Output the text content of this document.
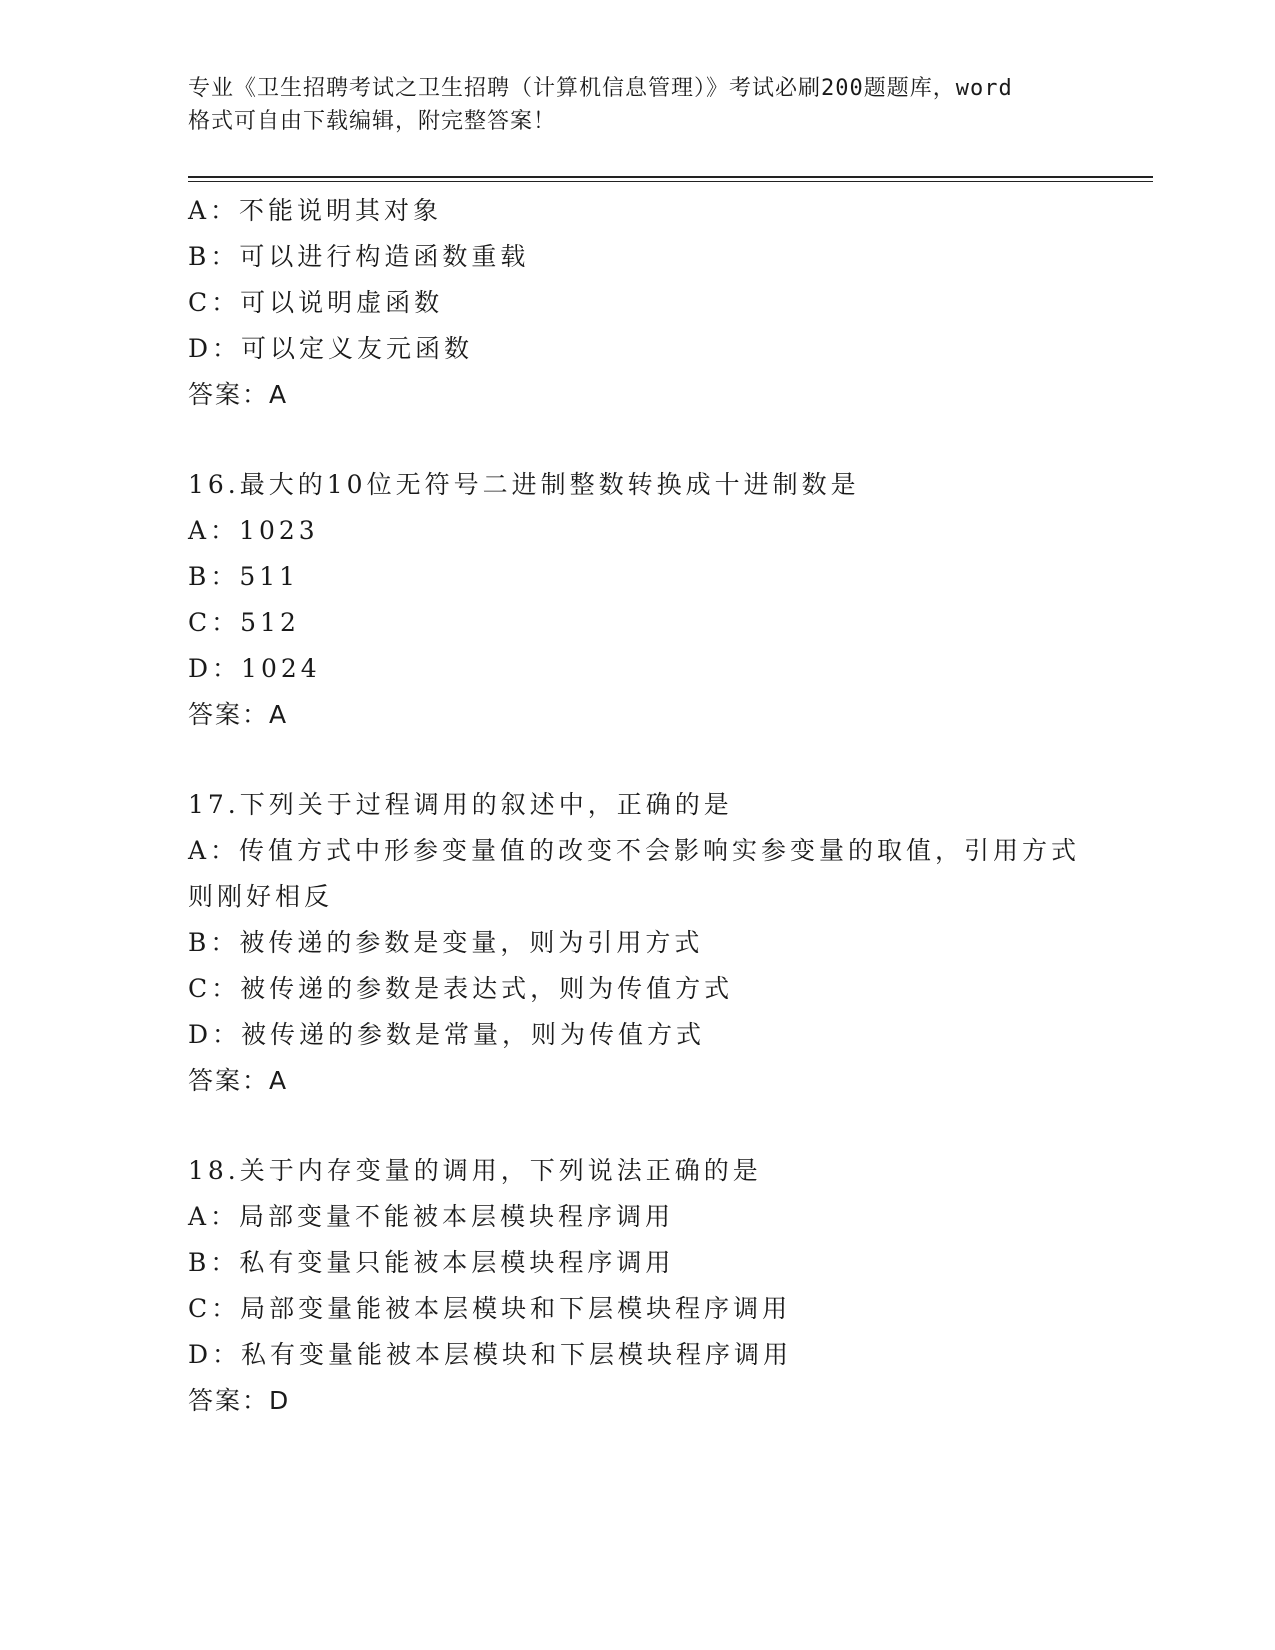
专业《卫生招聘考试之卫生招聘（计算机信息管理）》考试必刷200题题库，word
格式可自由下载编辑，附完整答案！
A：不能说明其对象
B：可以进行构造函数重载
C：可以说明虚函数
D：可以定义友元函数
答案：A
16.最大的10位无符号二进制整数转换成十进制数是
A：1023
B：511
C：512
D：1024
答案：A
17.下列关于过程调用的叙述中，正确的是
A：传值方式中形参变量值的改变不会影响实参变量的取值，引用方式则刚好相反
B：被传递的参数是变量，则为引用方式
C：被传递的参数是表达式，则为传值方式
D：被传递的参数是常量，则为传值方式
答案：A
18.关于内存变量的调用，下列说法正确的是
A：局部变量不能被本层模块程序调用
B：私有变量只能被本层模块程序调用
C：局部变量能被本层模块和下层模块程序调用
D：私有变量能被本层模块和下层模块程序调用
答案：D
